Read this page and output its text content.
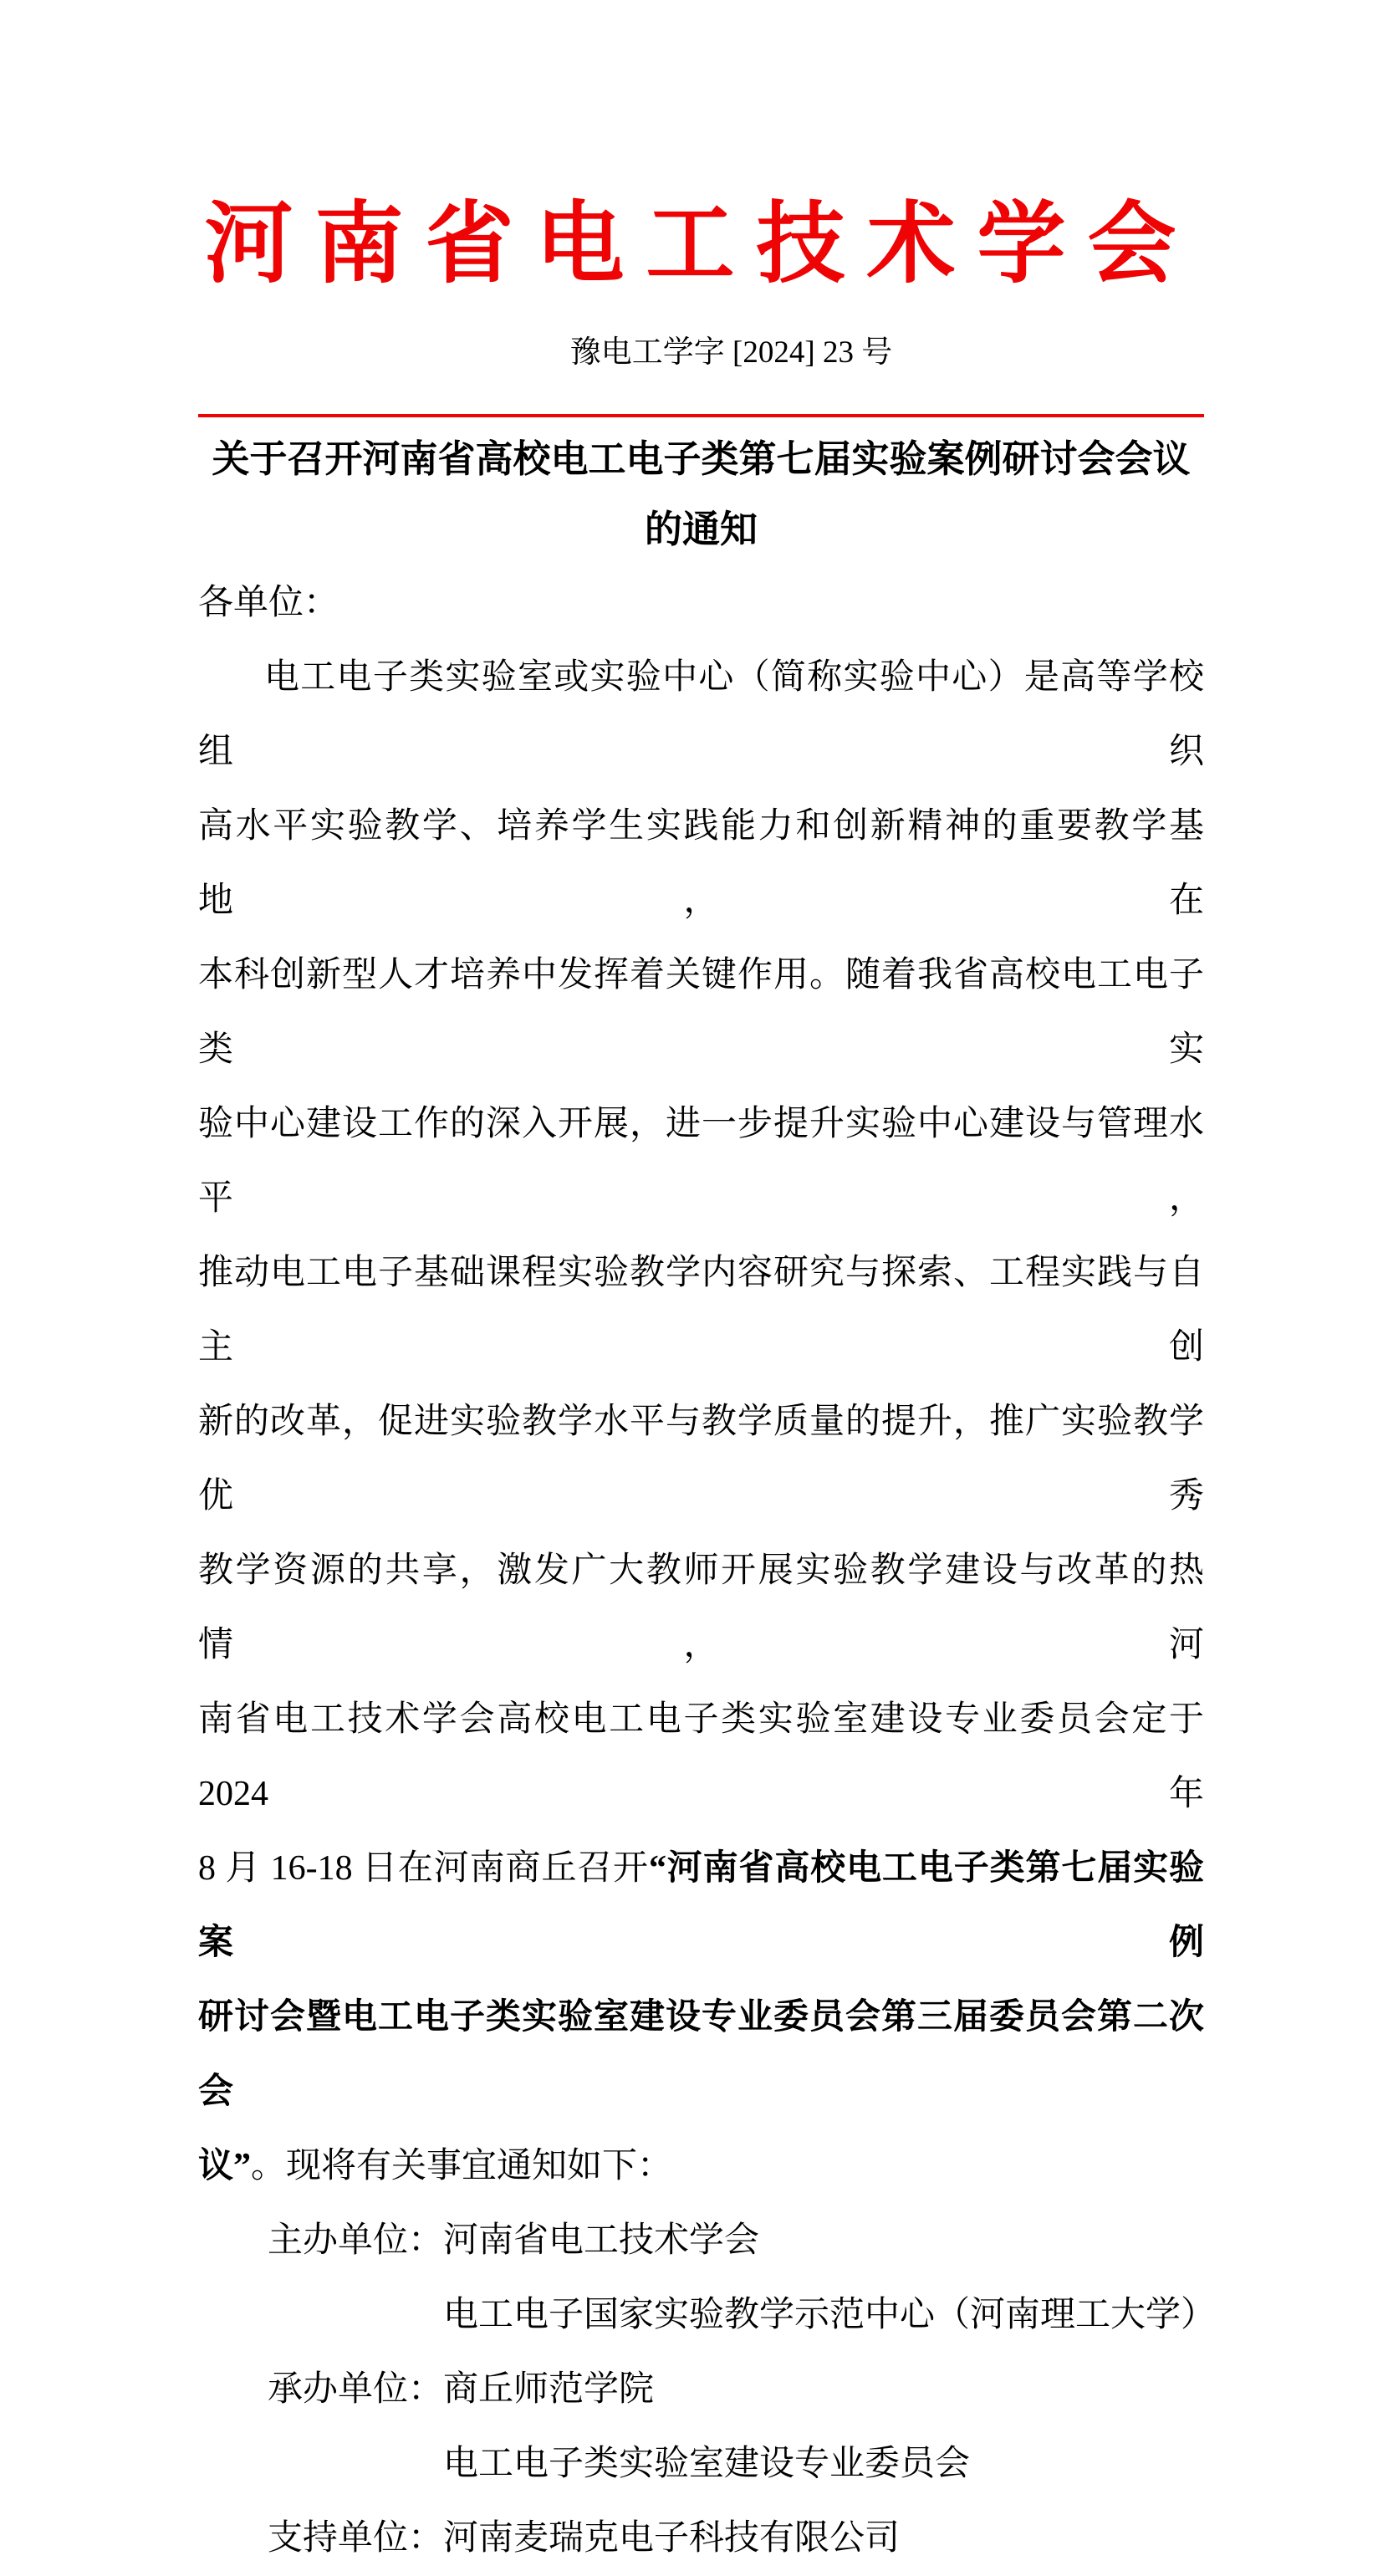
河南省电工技术学会
豫电工学字 [2024] 23 号
关于召开河南省高校电工电子类第七届实验案例研讨会会议
的通知
各单位：
电工电子类实验室或实验中心（简称实验中心）是高等学校组织
高水平实验教学、培养学生实践能力和创新精神的重要教学基地，在
本科创新型人才培养中发挥着关键作用。随着我省高校电工电子类实
验中心建设工作的深入开展，进一步提升实验中心建设与管理水平，
推动电工电子基础课程实验教学内容研究与探索、工程实践与自主创
新的改革，促进实验教学水平与教学质量的提升，推广实验教学优秀
教学资源的共享，激发广大教师开展实验教学建设与改革的热情，河
南省电工技术学会高校电工电子类实验室建设专业委员会定于 2024 年
8 月 16-18 日在河南商丘召开“河南省高校电工电子类第七届实验案例
研讨会暨电工电子类实验室建设专业委员会第三届委员会第二次会
议”。现将有关事宜通知如下：
主办单位：河南省电工技术学会
电工电子国家实验教学示范中心（河南理工大学）
承办单位：商丘师范学院
电工电子类实验室建设专业委员会
支持单位：河南麦瑞克电子科技有限公司
